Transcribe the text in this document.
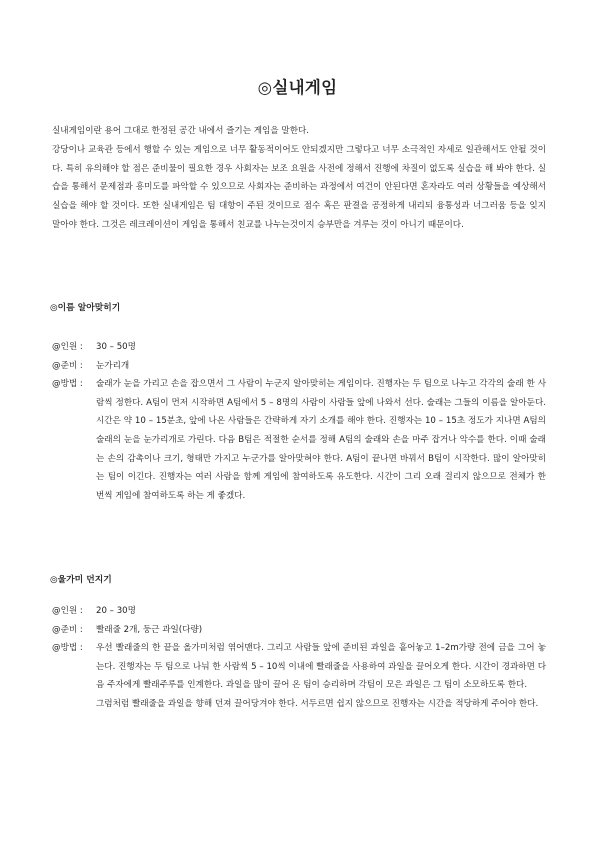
◎실내게임

실내게임이란 용어 그대로 한정된 공간 내에서 즐기는 게임을 말한다.

강당이나 교육관 등에서 행할 수 있는 게임으로 너무 활동적이어도 안되겠지만 그렇다고 너무 소극적인 자세로 일관해서도 안될 것이다. 특히 유의해야 할 점은 준비물이 필요한 경우 사회자는 보조 요원을 사전에 정해서 진행에 차질이 없도록 실습을 해 봐야 한다. 실습을 통해서 문제점과 흥미도를 파악할 수 있으므로 사회자는 준비하는 과정에서 여건이 안된다면 혼자라도 여러 상황들을 예상해서 실습을 해야 할 것이다. 또한 실내게임은 팀 대항이 주된 것이므로 점수 혹은 판결을 공정하게 내리되 융통성과 너그러움 등을 잊지 말아야 한다. 그것은 레크레이션이 게임을 통해서 친교를 나누는것이지 승부만을 겨루는 것이 아니기 때문이다.

◎이름 알아맞히기
@인원 :	30 – 50명

@준비 :	눈가리개

@방법 :	술래가 눈을 가리고 손을 잡으면서 그 사람이 누군지 알아맞히는 게임이다. 진행자는 두 팀으로 나누고 각각의 술래 한 사람씩 정한다. A팀이 먼저 시작하면 A팀에서 5 – 8명의 사람이 사람들 앞에 나와서 선다. 술래는 그들의 이름을 알아둔다. 시간은 약 10 – 15분초, 앞에 나온 사람들은 간략하게 자기 소개를 해야 한다. 진행자는 10 – 15초 정도가 지나면 A팀의 술래의 눈을 눈가리개로 가린다. 다음 B팀은 적절한 순서를 정해 A팀의 술래와 손을 마주 잡거나 악수를 한다. 이때 술래는 손의 감촉이나 크기, 형태만 가지고 누군가를 알아맞혀야 한다. A팀이 끝나면 바꿔서 B팀이 시작한다. 많이 알아맞히는 팀이 이긴다. 진행자는 여러 사람을 함께 게임에 참여하도록 유도한다. 시간이 그리 오래 걸리지 않으므로 전체가 한 번씩 게임에 참여하도록 하는 게 좋겠다.

◎울가미 던지기
@인원 :	20 – 30명

@준비 :	빨래줄 2개, 둥근 과일(다량)

@방법 :	우선 빨래줄의 한 끝을 올가미처럼 엮어맨다. 그리고 사람들 앞에 준비된 과일을 흩어놓고 1–2m가량 전에 금을 그어 놓는다. 진행자는 두 팀으로 나눠 한 사람씩 5 – 10씩 이내에 빨래줄을 사용하여 과일을 끌어오게 한다. 시간이 경과하면 다음 주자에게 빨래주루를 인계한다. 과일을 많이 끌어 온 팀이 승리하며 각팀이 모은 과일은 그 팀이 소모하도록 한다.

그럼처럼 빨래줄을 과일을 향해 던져 끌어당겨야 한다. 서두르면 쉽지 않으므로 진행자는 시간을 적당하게 주어야 한다.
